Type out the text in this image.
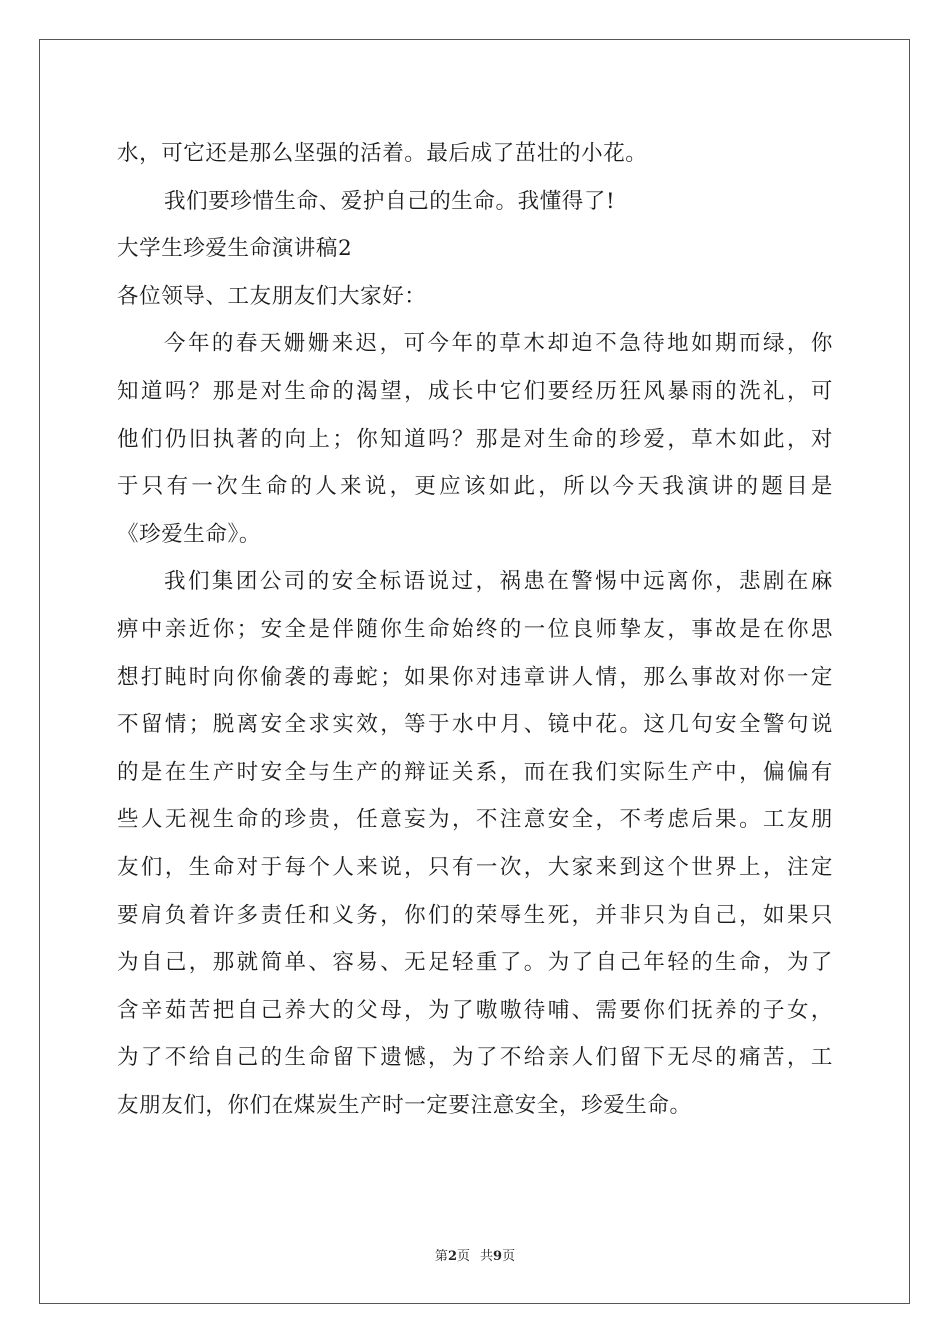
水，可它还是那么坚强的活着。最后成了茁壮的小花。
我们要珍惜生命、爱护自己的生命。我懂得了!
大学生珍爱生命演讲稿2
各位领导、工友朋友们大家好：
今年的春天姗姗来迟，可今年的草木却迫不急待地如期而绿，你
知道吗？那是对生命的渴望，成长中它们要经历狂风暴雨的洗礼，可
他们仍旧执著的向上；你知道吗？那是对生命的珍爱，草木如此，对
于只有一次生命的人来说，更应该如此，所以今天我演讲的题目是
《珍爱生命》。
我们集团公司的安全标语说过，祸患在警惕中远离你，悲剧在麻
痹中亲近你；安全是伴随你生命始终的一位良师挚友，事故是在你思
想打盹时向你偷袭的毒蛇；如果你对违章讲人情，那么事故对你一定
不留情；脱离安全求实效，等于水中月、镜中花。这几句安全警句说
的是在生产时安全与生产的辩证关系，而在我们实际生产中，偏偏有
些人无视生命的珍贵，任意妄为，不注意安全，不考虑后果。工友朋
友们，生命对于每个人来说，只有一次，大家来到这个世界上，注定
要肩负着许多责任和义务，你们的荣辱生死，并非只为自己，如果只
为自己，那就简单、容易、无足轻重了。为了自己年轻的生命，为了
含辛茹苦把自己养大的父母，为了嗷嗷待哺、需要你们抚养的子女，
为了不给自己的生命留下遗憾，为了不给亲人们留下无尽的痛苦，工
友朋友们，你们在煤炭生产时一定要注意安全，珍爱生命。
第2页 共9页
